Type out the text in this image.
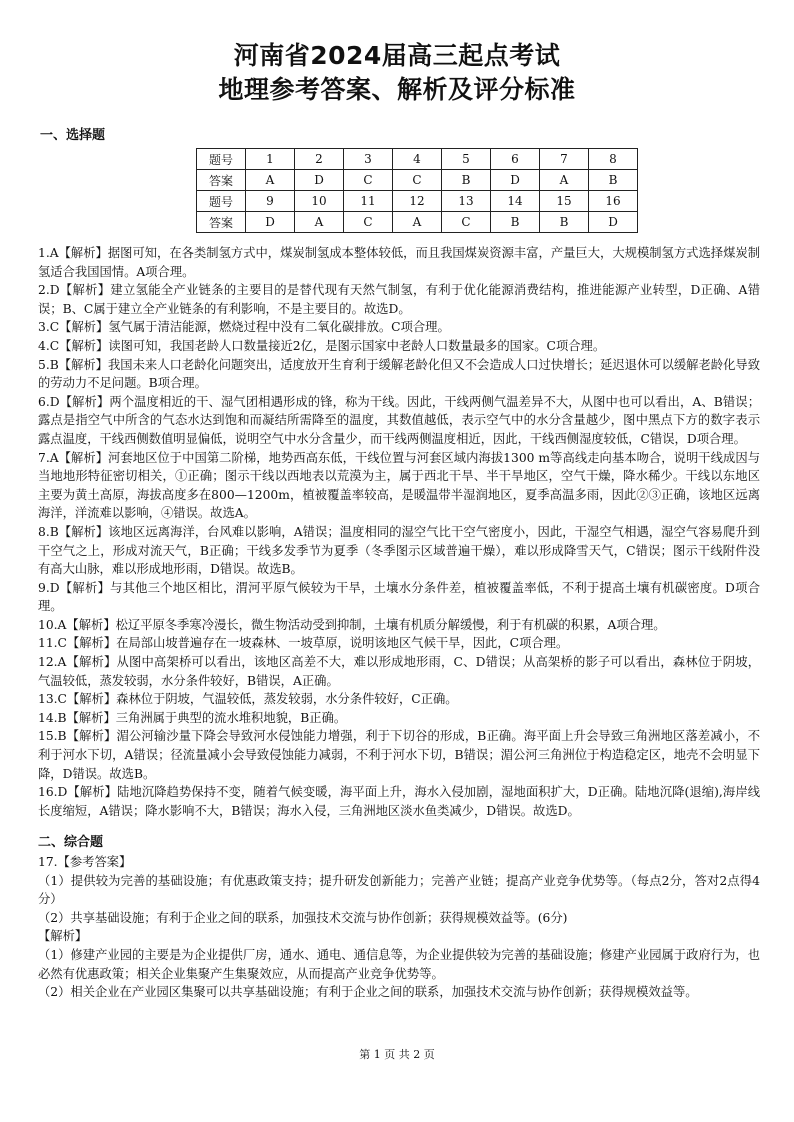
河南省2024届高三起点考试
地理参考答案、解析及评分标准
一、选择题
题号	1	2	3	4	5	6	7	8
答案	A	D	C	C	B	D	A	B
题号	9	10	11	12	13	14	15	16
答案	D	A	C	A	C	B	B	D

1.A【解析】据图可知，在各类制氢方式中，煤炭制氢成本整体较低，而且我国煤炭资源丰富，产量巨大，大规模制氢方式选择煤炭制氢适合我国国情。A项合理。

2.D【解析】建立氢能全产业链条的主要目的是替代现有天然气制氢，有利于优化能源消费结构，推进能源产业转型，D正确、A错误；B、C属于建立全产业链条的有利影响，不是主要目的。故选D。

3.C【解析】氢气属于清洁能源，燃烧过程中没有二氧化碳排放。C项合理。

4.C【解析】读图可知，我国老龄人口数量接近2亿，是图示国家中老龄人口数量最多的国家。C项合理。

5.B【解析】我国未来人口老龄化问题突出，适度放开生育利于缓解老龄化但又不会造成人口过快增长；延迟退休可以缓解老龄化导致的劳动力不足问题。B项合理。

6.D【解析】两个温度相近的干、湿气团相遇形成的锋，称为干线。因此，干线两侧气温差异不大，从图中也可以看出，A、B错误；露点是指空气中所含的气态水达到饱和而凝结所需降至的温度，其数值越低，表示空气中的水分含量越少，图中黑点下方的数字表示露点温度，干线西侧数值明显偏低，说明空气中水分含量少，而干线两侧温度相近，因此，干线西侧湿度较低，C错误，D项合理。

7.A【解析】河套地区位于中国第二阶梯，地势西高东低，干线位置与河套区域内海拔1300 m等高线走向基本吻合，说明干线成因与当地地形特征密切相关，①正确；图示干线以西地表以荒漠为主，属于西北干旱、半干旱地区，空气干燥，降水稀少。干线以东地区主要为黄土高原，海拔高度多在800—1200m，植被覆盖率较高，是暖温带半湿润地区，夏季高温多雨，因此②③正确，该地区远离海洋，洋流难以影响，④错误。故选A。

8.B【解析】该地区远离海洋，台风难以影响，A错误；温度相同的湿空气比干空气密度小，因此，干湿空气相遇，湿空气容易爬升到干空气之上，形成对流天气，B正确；干线多发季节为夏季（冬季图示区域普遍干燥），难以形成降雪天气，C错误；图示干线附件没有高大山脉，难以形成地形雨，D错误。故选B。

9.D【解析】与其他三个地区相比，渭河平原气候较为干旱，土壤水分条件差，植被覆盖率低，不利于提高土壤有机碳密度。D项合理。

10.A【解析】松辽平原冬季寒冷漫长，微生物活动受到抑制，土壤有机质分解缓慢，利于有机碳的积累，A项合理。

11.C【解析】在局部山坡普遍存在一坡森林、一坡草原，说明该地区气候干旱，因此，C项合理。

12.A【解析】从图中高架桥可以看出，该地区高差不大，难以形成地形雨，C、D错误；从高架桥的影子可以看出，森林位于阴坡，气温较低，蒸发较弱，水分条件较好，B错误，A正确。

13.C【解析】森林位于阴坡，气温较低，蒸发较弱，水分条件较好，C正确。

14.B【解析】三角洲属于典型的流水堆积地貌，B正确。

15.B【解析】湄公河输沙量下降会导致河水侵蚀能力增强，利于下切谷的形成，B正确。海平面上升会导致三角洲地区落差减小，不利于河水下切，A错误；径流量减小会导致侵蚀能力减弱，不利于河水下切，B错误；湄公河三角洲位于构造稳定区，地壳不会明显下降，D错误。故选B。

16.D【解析】陆地沉降趋势保持不变，随着气候变暖，海平面上升，海水入侵加剧，湿地面积扩大，D正确。陆地沉降(退缩),海岸线长度缩短，A错误；降水影响不大，B错误；海水入侵，三角洲地区淡水鱼类减少，D错误。故选D。

二、综合题

17.【参考答案】

（1）提供较为完善的基础设施；有优惠政策支持；提升研发创新能力；完善产业链；提高产业竞争优势等。（每点2分，答对2点得4分）

（2）共享基础设施；有利于企业之间的联系，加强技术交流与协作创新；获得规模效益等。(6分)

【解析】

（1）修建产业园的主要是为企业提供厂房，通水、通电、通信息等，为企业提供较为完善的基础设施；修建产业园属于政府行为，也必然有优惠政策；相关企业集聚产生集聚效应，从而提高产业竞争优势等。

（2）相关企业在产业园区集聚可以共享基础设施；有利于企业之间的联系，加强技术交流与协作创新；获得规模效益等。

第 1 页 共 2 页
